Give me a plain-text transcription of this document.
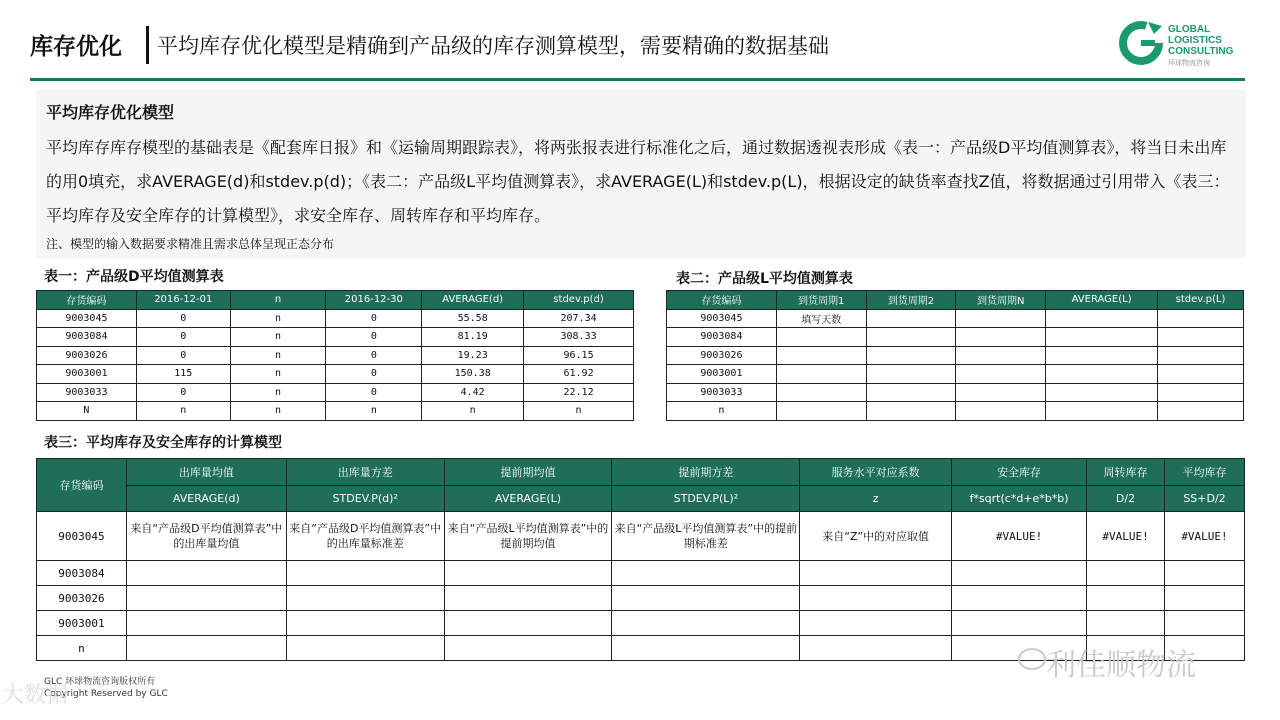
库存优化 平均库存优化模型是精确到产品级的库存测算模型，需要精确的数据基础
GLOBAL
LOGISTICS
CONSULTING
环球物流咨询
平均库存优化模型
平均库存库存模型的基础表是《配套库日报》和《运输周期跟踪表》，将两张报表进行标准化之后，通过数据透视表形成《表一：产品级D平均值测算表》，将当日未出库的用0填充，求AVERAGE(d)和stdev.p(d)；《表二：产品级L平均值测算表》，求AVERAGE(L)和stdev.p(L)，根据设定的缺货率查找Z值，将数据通过引用带入《表三：平均库存及安全库存的计算模型》，求安全库存、周转库存和平均库存。
注、模型的输入数据要求精准且需求总体呈现正态分布
表一：产品级D平均值测算表
存货编码	2016-12-01	n	2016-12-30	AVERAGE(d)	stdev.p(d)
9003045	0	n	0	55.58	207.34
9003084	0	n	0	81.19	308.33
9003026	0	n	0	19.23	96.15
9003001	115	n	0	150.38	61.92
9003033	0	n	0	4.42	22.12
N	n	n	n	n	n
表二：产品级L平均值测算表
存货编码	到货周期1	到货周期2	到货周期N	AVERAGE(L)	stdev.p(L)
9003045	填写天数				
9003084					
9003026					
9003001					
9003033					
n					
表三：平均库存及安全库存的计算模型
存货编码	出库量均值	出库量方差	提前期均值	提前期方差	服务水平对应系数	安全库存	周转库存	平均库存
	AVERAGE(d)	STDEV.P(d)²	AVERAGE(L)	STDEV.P(L)²	z	f*sqrt(c*d+e*b*b)	D/2	SS+D/2
9003045	来自“产品级D平均值测算表”中的出库量均值	来自“产品级D平均值测算表”中的出库量标准差	来自“产品级L平均值测算表”中的提前期均值	来自“产品级L平均值测算表”中的提前期标准差	来自“Z”中的对应取值	#VALUE!	#VALUE!	#VALUE!
9003084								
9003026								
9003001								
n								
GLC 环球物流咨询版权所有
Copyright Reserved by GLC
利佳顺物流
大数据
